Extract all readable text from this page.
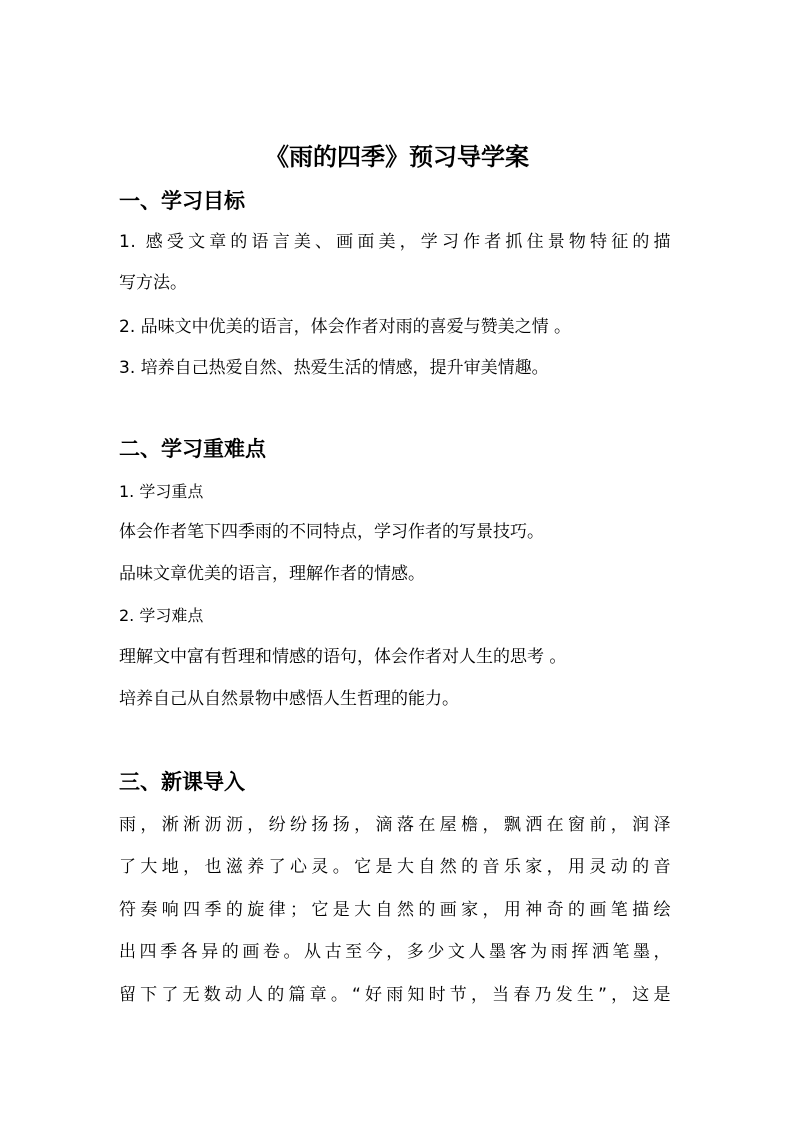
《雨的四季》预习导学案
一、学习目标

1. 感受文章的语言美、画面美，学习作者抓住景物特征的描

写方法。

2. 品味文中优美的语言，体会作者对雨的喜爱与赞美之情 。

3. 培养自己热爱自然、热爱生活的情感，提升审美情趣。

二、学习重难点

1. 学习重点

体会作者笔下四季雨的不同特点，学习作者的写景技巧。

品味文章优美的语言，理解作者的情感。

2. 学习难点

理解文中富有哲理和情感的语句，体会作者对人生的思考 。

培养自己从自然景物中感悟人生哲理的能力。

三、新课导入

雨，淅淅沥沥，纷纷扬扬，滴落在屋檐，飘洒在窗前，润泽

了大地，也滋养了心灵。它是大自然的音乐家，用灵动的音

符奏响四季的旋律；它是大自然的画家，用神奇的画笔描绘

出四季各异的画卷。从古至今，多少文人墨客为雨挥洒笔墨，

留下了无数动人的篇章。“好雨知时节，当春乃发生”，这是
